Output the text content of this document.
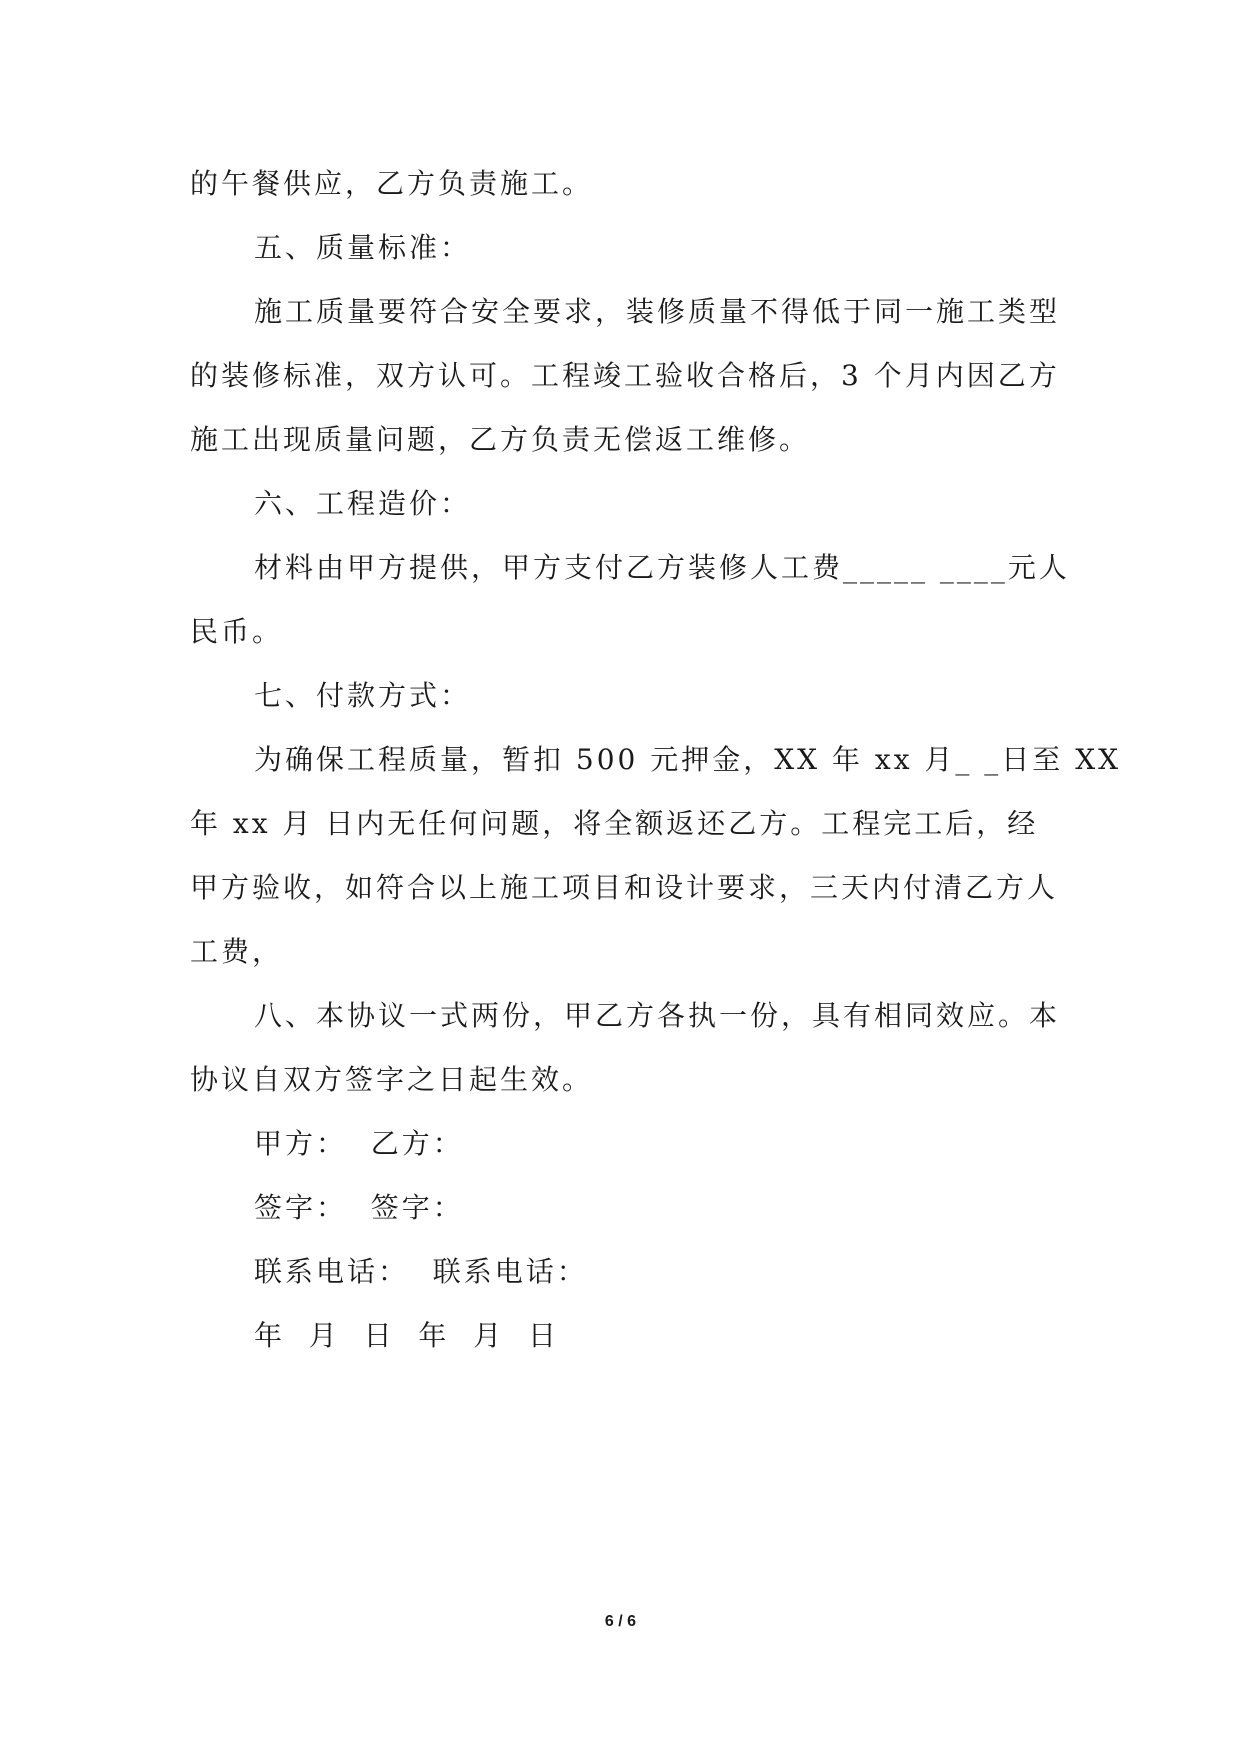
的午餐供应，乙方负责施工。
五、质量标准：
施工质量要符合安全要求，装修质量不得低于同一施工类型
的装修标准，双方认可。工程竣工验收合格后，3 个月内因乙方
施工出现质量问题，乙方负责无偿返工维修。
六、工程造价：
材料由甲方提供，甲方支付乙方装修人工费_____ ____元人
民币。
七、付款方式：
为确保工程质量，暂扣 500 元押金，XX 年 xx 月_ _日至 XX
年 xx 月 日内无任何问题，将全额返还乙方。工程完工后，经
甲方验收，如符合以上施工项目和设计要求，三天内付清乙方人
工费，
八、本协议一式两份，甲乙方各执一份，具有相同效应。本
协议自双方签字之日起生效。
甲方：  乙方：
签字：  签字：
联系电话：  联系电话：
年  月  日  年  月  日
6 / 6
